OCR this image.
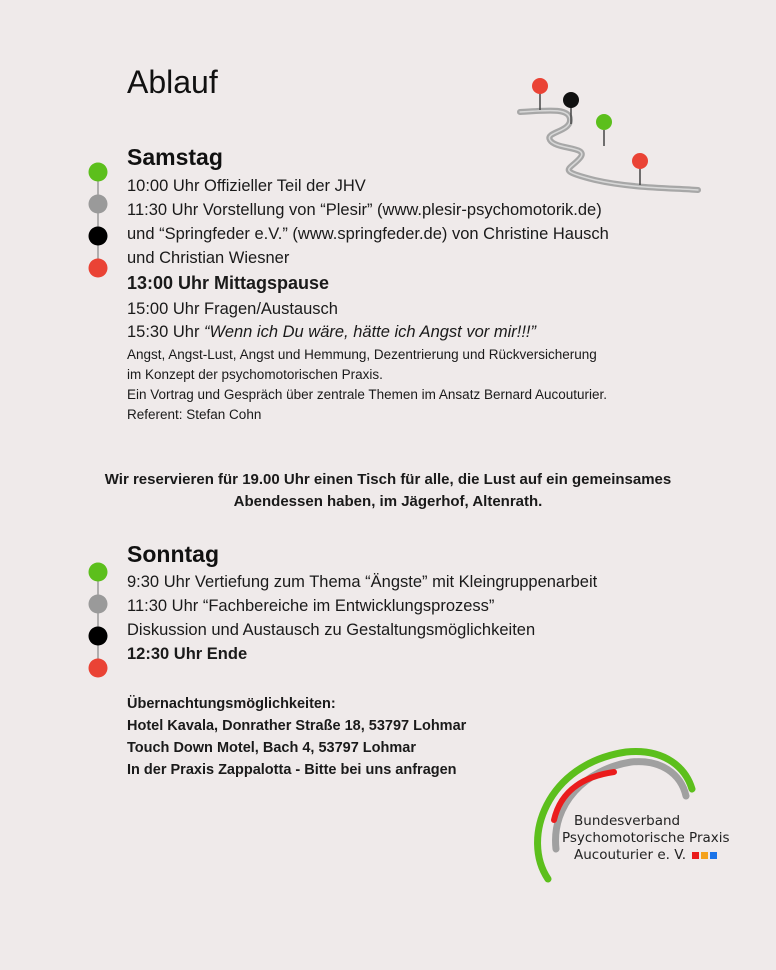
Ablauf
Samstag
10:00 Uhr Offizieller Teil der JHV
11:30 Uhr Vorstellung von “Plesir” (www.plesir-psychomotorik.de)
und “Springfeder e.V.” (www.springfeder.de) von Christine Hausch
und Christian Wiesner
13:00 Uhr Mittagspause
15:00 Uhr Fragen/Austausch
15:30 Uhr “Wenn ich Du wäre, hätte ich Angst vor mir!!!”
Angst, Angst-Lust, Angst und Hemmung, Dezentrierung und Rückversicherung
im Konzept der psychomotorischen Praxis.
Ein Vortrag und Gespräch über zentrale Themen im Ansatz Bernard Aucouturier.
Referent: Stefan Cohn
Wir reservieren für 19.00 Uhr einen Tisch für alle, die Lust auf ein gemeinsames
Abendessen haben, im Jägerhof, Altenrath.
Sonntag
9:30 Uhr Vertiefung zum Thema “Ängste” mit Kleingruppenarbeit
11:30 Uhr “Fachbereiche im Entwicklungsprozess”
Diskussion und Austausch zu Gestaltungsmöglichkeiten
12:30 Uhr Ende
Übernachtungsmöglichkeiten:
Hotel Kavala, Donrather Straße 18, 53797 Lohmar
Touch Down Motel, Bach 4, 53797 Lohmar
In der Praxis Zappalotta - Bitte bei uns anfragen
Bundesverband
Psychomotorische Praxis
Aucouturier e. V.
